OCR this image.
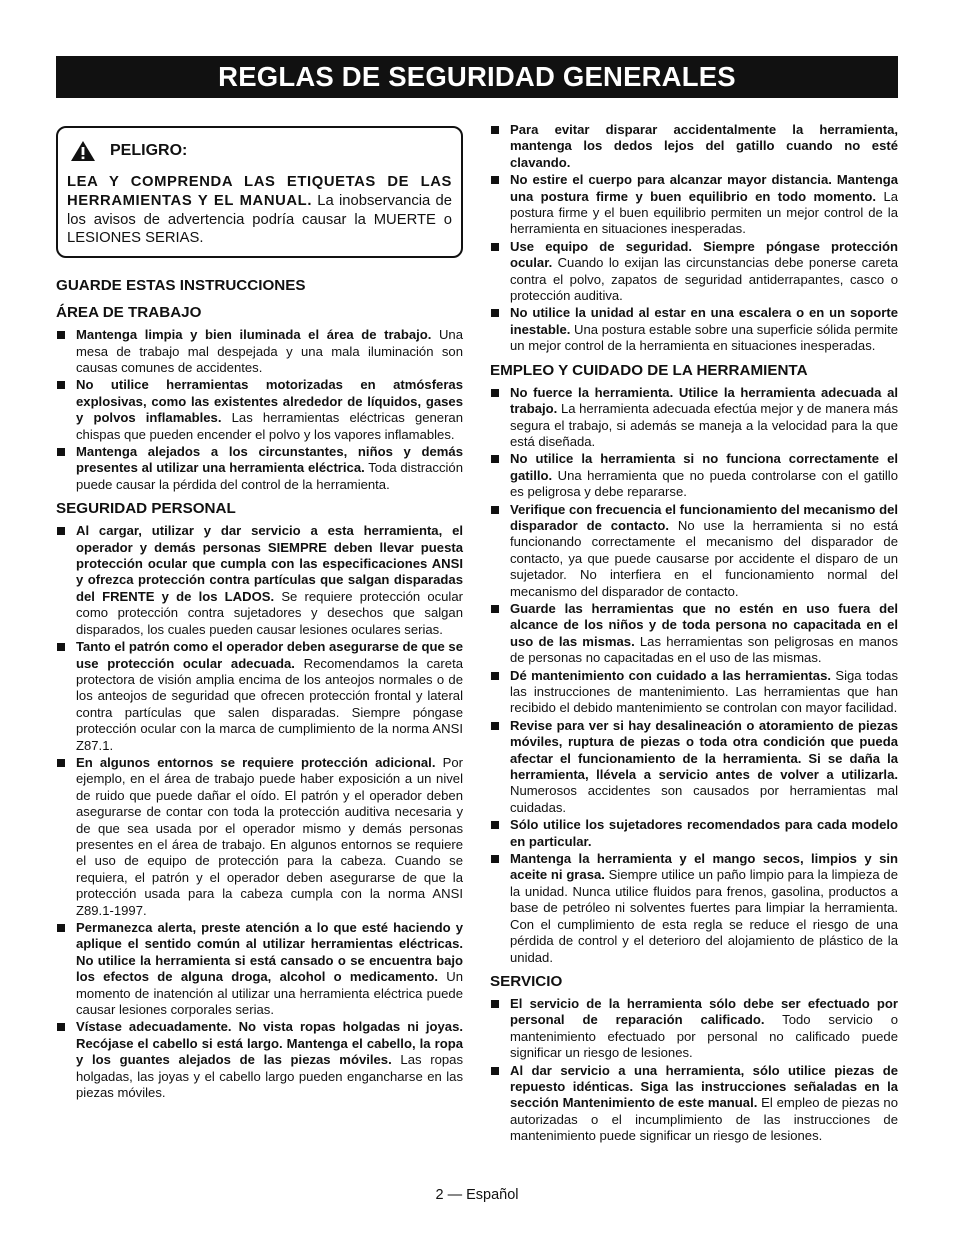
REGLAS DE SEGURIDAD GENERALES
PELIGRO:
LEA Y COMPRENDA LAS ETIQUETAS DE LAS HERRAMIENTAS Y EL MANUAL. La inobservancia de los avisos de advertencia podría causar la MUERTE o LESIONES SERIAS.
GUARDE ESTAS INSTRUCCIONES
ÁREA DE TRABAJO
Mantenga limpia y bien iluminada el área de trabajo. Una mesa de trabajo mal despejada y una mala iluminación son causas comunes de accidentes.
No utilice herramientas motorizadas en atmósferas explosivas, como las existentes alrededor de líquidos, gases y polvos inflamables. Las herramientas eléctricas generan chispas que pueden encender el polvo y los vapores inflamables.
Mantenga alejados a los circunstantes, niños y demás presentes al utilizar una herramienta eléctrica. Toda distracción puede causar la pérdida del control de la herramienta.
SEGURIDAD PERSONAL
Al cargar, utilizar y dar servicio a esta herramienta, el operador y demás personas SIEMPRE deben llevar puesta protección ocular que cumpla con las especificaciones ANSI y ofrezca protección contra partículas que salgan disparadas del FRENTE y de los LADOS. Se requiere protección ocular como protección contra sujetadores y desechos que salgan disparados, los cuales pueden causar lesiones oculares serias.
Tanto el patrón como el operador deben asegurarse de que se use protección ocular adecuada. Recomendamos la careta protectora de visión amplia encima de los anteojos normales o de los anteojos de seguridad que ofrecen protección frontal y lateral contra partículas que salen disparadas. Siempre póngase protección ocular con la marca de cumplimiento de la norma ANSI Z87.1.
En algunos entornos se requiere protección adicional. Por ejemplo, en el área de trabajo puede haber exposición a un nivel de ruido que puede dañar el oído. El patrón y el operador deben asegurarse de contar con toda la protección auditiva necesaria y de que sea usada por el operador mismo y demás personas presentes en el área de trabajo. En algunos entornos se requiere el uso de equipo de protección para la cabeza. Cuando se requiera, el patrón y el operador deben asegurarse de que la protección usada para la cabeza cumpla con la norma ANSI Z89.1-1997.
Permanezca alerta, preste atención a lo que esté haciendo y aplique el sentido común al utilizar herramientas eléctricas. No utilice la herramienta si está cansado o se encuentra bajo los efectos de alguna droga, alcohol o medicamento. Un momento de inatención al utilizar una herramienta eléctrica puede causar lesiones corporales serias.
Vístase adecuadamente. No vista ropas holgadas ni joyas. Recójase el cabello si está largo. Mantenga el cabello, la ropa y los guantes alejados de las piezas móviles. Las ropas holgadas, las joyas y el cabello largo pueden engancharse en las piezas móviles.
Para evitar disparar accidentalmente la herramienta, mantenga los dedos lejos del gatillo cuando no esté clavando.
No estire el cuerpo para alcanzar mayor distancia. Mantenga una postura firme y buen equilibrio en todo momento. La postura firme y el buen equilibrio permiten un mejor control de la herramienta en situaciones inesperadas.
Use equipo de seguridad. Siempre póngase protección ocular. Cuando lo exijan las circunstancias debe ponerse careta contra el polvo, zapatos de seguridad antiderrapantes, casco o protección auditiva.
No utilice la unidad al estar en una escalera o en un soporte inestable. Una postura estable sobre una superficie sólida permite un mejor control de la herramienta en situaciones inesperadas.
EMPLEO Y CUIDADO DE LA HERRAMIENTA
No fuerce la herramienta. Utilice la herramienta adecuada al trabajo. La herramienta adecuada efectúa mejor y de manera más segura el trabajo, si además se maneja a la velocidad para la que está diseñada.
No utilice la herramienta si no funciona correctamente el gatillo. Una herramienta que no pueda controlarse con el gatillo es peligrosa y debe repararse.
Verifique con frecuencia el funcionamiento del mecanismo del disparador de contacto. No use la herramienta si no está funcionando correctamente el mecanismo del disparador de contacto, ya que puede causarse por accidente el disparo de un sujetador. No interfiera en el funcionamiento normal del mecanismo del disparador de contacto.
Guarde las herramientas que no estén en uso fuera del alcance de los niños y de toda persona no capacitada en el uso de las mismas. Las herramientas son peligrosas en manos de personas no capacitadas en el uso de las mismas.
Dé mantenimiento con cuidado a las herramientas. Siga todas las instrucciones de mantenimiento. Las herramientas que han recibido el debido mantenimiento se controlan con mayor facilidad.
Revise para ver si hay desalineación o atoramiento de piezas móviles, ruptura de piezas o toda otra condición que pueda afectar el funcionamiento de la herramienta. Si se daña la herramienta, llévela a servicio antes de volver a utilizarla. Numerosos accidentes son causados por herramientas mal cuidadas.
Sólo utilice los sujetadores recomendados para cada modelo en particular.
Mantenga la herramienta y el mango secos, limpios y sin aceite ni grasa. Siempre utilice un paño limpio para la limpieza de la unidad. Nunca utilice fluidos para frenos, gasolina, productos a base de petróleo ni solventes fuertes para limpiar la herramienta. Con el cumplimiento de esta regla se reduce el riesgo de una pérdida de control y el deterioro del alojamiento de plástico de la unidad.
SERVICIO
El servicio de la herramienta sólo debe ser efectuado por personal de reparación calificado. Todo servicio o mantenimiento efectuado por personal no calificado puede significar un riesgo de lesiones.
Al dar servicio a una herramienta, sólo utilice piezas de repuesto idénticas. Siga las instrucciones señaladas en la sección Mantenimiento de este manual. El empleo de piezas no autorizadas o el incumplimiento de las instrucciones de mantenimiento puede significar un riesgo de lesiones.
2 — Español
